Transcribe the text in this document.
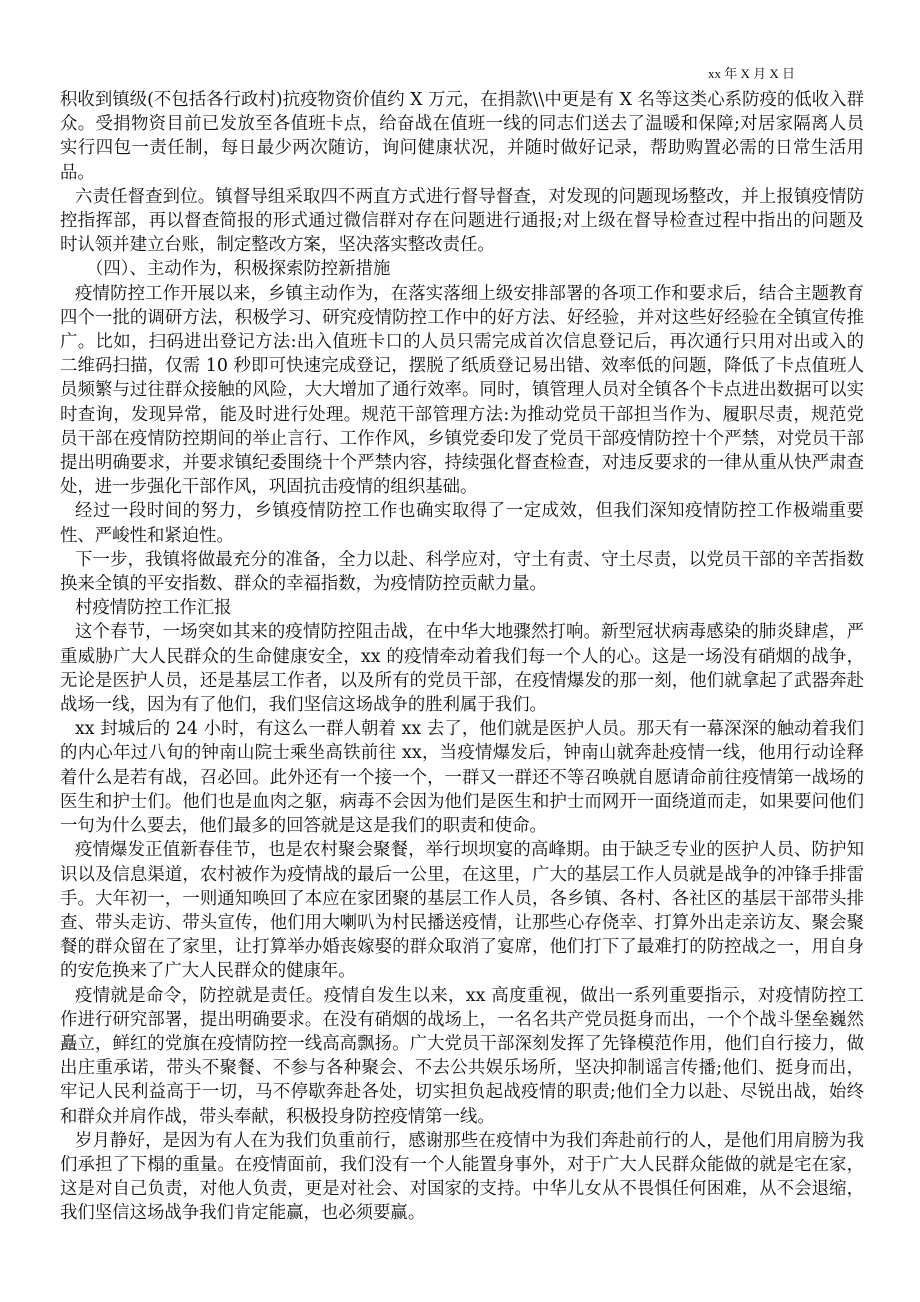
xx 年 X 月 X 日

积收到镇级(不包括各行政村)抗疫物资价值约 X 万元，在捐款\\中更是有 X 名等这类心系防疫的低收入群众。受捐物资目前已发放至各值班卡点，给奋战在值班一线的同志们送去了温暖和保障;对居家隔离人员实行四包一责任制，每日最少两次随访，询问健康状况，并随时做好记录，帮助购置必需的日常生活用品。

六责任督查到位。镇督导组采取四不两直方式进行督导督查，对发现的问题现场整改，并上报镇疫情防控指挥部，再以督查简报的形式通过微信群对存在问题进行通报;对上级在督导检查过程中指出的问题及时认领并建立台账，制定整改方案，坚决落实整改责任。

（四）、主动作为，积极探索防控新措施

疫情防控工作开展以来，乡镇主动作为，在落实落细上级安排部署的各项工作和要求后，结合主题教育四个一批的调研方法，积极学习、研究疫情防控工作中的好方法、好经验，并对这些好经验在全镇宣传推广。比如，扫码进出登记方法:出入值班卡口的人员只需完成首次信息登记后，再次通行只用对出或入的二维码扫描，仅需 10 秒即可快速完成登记，摆脱了纸质登记易出错、效率低的问题，降低了卡点值班人员频繁与过往群众接触的风险，大大增加了通行效率。同时，镇管理人员对全镇各个卡点进出数据可以实时查询，发现异常，能及时进行处理。规范干部管理方法:为推动党员干部担当作为、履职尽责，规范党员干部在疫情防控期间的举止言行、工作作风，乡镇党委印发了党员干部疫情防控十个严禁，对党员干部提出明确要求，并要求镇纪委围绕十个严禁内容，持续强化督查检查，对违反要求的一律从重从快严肃查处，进一步强化干部作风，巩固抗击疫情的组织基础。

经过一段时间的努力，乡镇疫情防控工作也确实取得了一定成效，但我们深知疫情防控工作极端重要性、严峻性和紧迫性。

下一步，我镇将做最充分的准备，全力以赴、科学应对，守土有责、守土尽责，以党员干部的辛苦指数换来全镇的平安指数、群众的幸福指数，为疫情防控贡献力量。

村疫情防控工作汇报

这个春节，一场突如其来的疫情防控阻击战，在中华大地骤然打响。新型冠状病毒感染的肺炎肆虐，严重威胁广大人民群众的生命健康安全，xx 的疫情牵动着我们每一个人的心。这是一场没有硝烟的战争，无论是医护人员，还是基层工作者，以及所有的党员干部，在疫情爆发的那一刻，他们就拿起了武器奔赴战场一线，因为有了他们，我们坚信这场战争的胜利属于我们。

xx 封城后的 24 小时，有这么一群人朝着 xx 去了，他们就是医护人员。那天有一幕深深的触动着我们的内心年过八旬的钟南山院士乘坐高铁前往 xx，当疫情爆发后，钟南山就奔赴疫情一线，他用行动诠释着什么是若有战，召必回。此外还有一个接一个，一群又一群还不等召唤就自愿请命前往疫情第一战场的医生和护士们。他们也是血肉之躯，病毒不会因为他们是医生和护士而网开一面绕道而走，如果要问他们一句为什么要去，他们最多的回答就是这是我们的职责和使命。

疫情爆发正值新春佳节，也是农村聚会聚餐，举行坝坝宴的高峰期。由于缺乏专业的医护人员、防护知识以及信息渠道，农村被作为疫情战的最后一公里，在这里，广大的基层工作人员就是战争的冲锋手排雷手。大年初一，一则通知唤回了本应在家团聚的基层工作人员，各乡镇、各村、各社区的基层干部带头排查、带头走访、带头宣传，他们用大喇叭为村民播送疫情，让那些心存侥幸、打算外出走亲访友、聚会聚餐的群众留在了家里，让打算举办婚丧嫁娶的群众取消了宴席，他们打下了最难打的防控战之一，用自身的安危换来了广大人民群众的健康年。

疫情就是命令，防控就是责任。疫情自发生以来，xx 高度重视，做出一系列重要指示，对疫情防控工作进行研究部署，提出明确要求。在没有硝烟的战场上，一名名共产党员挺身而出，一个个战斗堡垒巍然矗立，鲜红的党旗在疫情防控一线高高飘扬。广大党员干部深刻发挥了先锋模范作用，他们自行接力，做出庄重承诺，带头不聚餐、不参与各种聚会、不去公共娱乐场所，坚决抑制谣言传播;他们、挺身而出，牢记人民利益高于一切，马不停歇奔赴各处，切实担负起战疫情的职责;他们全力以赴、尽锐出战，始终和群众并肩作战，带头奉献，积极投身防控疫情第一线。

岁月静好，是因为有人在为我们负重前行，感谢那些在疫情中为我们奔赴前行的人，是他们用肩膀为我们承担了下榻的重量。在疫情面前，我们没有一个人能置身事外，对于广大人民群众能做的就是宅在家，这是对自己负责，对他人负责，更是对社会、对国家的支持。中华儿女从不畏惧任何困难，从不会退缩，我们坚信这场战争我们肯定能赢，也必须要赢。
